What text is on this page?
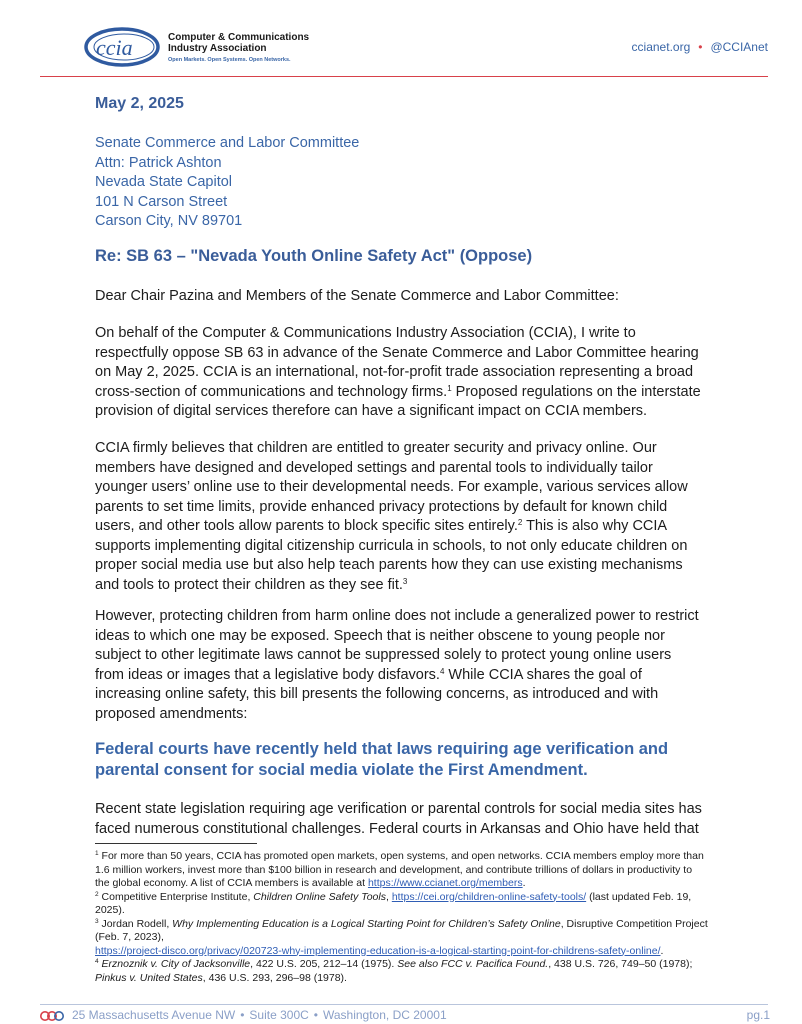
ccia	Computer & Communications
Industry Association
Open Markets. Open Systems. Open Networks.
ccianet.org • @CCIAnet
May 2, 2025
Senate Commerce and Labor Committee
Attn: Patrick Ashton
Nevada State Capitol
101 N Carson Street
Carson City, NV 89701
Re: SB 63 – "Nevada Youth Online Safety Act" (Oppose)
Dear Chair Pazina and Members of the Senate Commerce and Labor Committee:
On behalf of the Computer & Communications Industry Association (CCIA), I write to
respectfully oppose SB 63 in advance of the Senate Commerce and Labor Committee hearing
on May 2, 2025. CCIA is an international, not-for-profit trade association representing a broad
cross-section of communications and technology firms.$^1$ Proposed regulations on the interstate
provision of digital services therefore can have a significant impact on CCIA members.
CCIA firmly believes that children are entitled to greater security and privacy online. Our
members have designed and developed settings and parental tools to individually tailor
younger users’ online use to their developmental needs. For example, various services allow
parents to set time limits, provide enhanced privacy protections by default for known child
users, and other tools allow parents to block specific sites entirely.$^2$ This is also why CCIA
supports implementing digital citizenship curricula in schools, to not only educate children on
proper social media use but also help teach parents how they can use existing mechanisms
and tools to protect their children as they see fit.$^3$
However, protecting children from harm online does not include a generalized power to restrict
ideas to which one may be exposed. Speech that is neither obscene to young people nor
subject to other legitimate laws cannot be suppressed solely to protect young online users
from ideas or images that a legislative body disfavors.$^4$ While CCIA shares the goal of
increasing online safety, this bill presents the following concerns, as introduced and with
proposed amendments:
Federal courts have recently held that laws requiring age verification and
parental consent for social media violate the First Amendment.
Recent state legislation requiring age verification or parental controls for social media sites has
faced numerous constitutional challenges. Federal courts in Arkansas and Ohio have held that
$^1$ For more than 50 years, CCIA has promoted open markets, open systems, and open networks. CCIA members employ more than
1.6 million workers, invest more than $100 billion in research and development, and contribute trillions of dollars in productivity to
the global economy. A list of CCIA members is available at https://www.ccianet.org/members.
$^2$ Competitive Enterprise Institute, Children Online Safety Tools, https://cei.org/children-online-safety-tools/ (last updated Feb. 19,
2025).
$^3$ Jordan Rodell, Why Implementing Education is a Logical Starting Point for Children’s Safety Online, Disruptive Competition Project
(Feb. 7, 2023),
https://project-disco.org/privacy/020723-why-implementing-education-is-a-logical-starting-point-for-childrens-safety-online/.
$^4$ Erznoznik v. City of Jacksonville, 422 U.S. 205, 212–14 (1975). See also FCC v. Pacifica Found., 438 U.S. 726, 749–50 (1978);
Pinkus v. United States, 436 U.S. 293, 296–98 (1978).
25 Massachusetts Avenue NW • Suite 300C • Washington, DC 20001	pg.1
